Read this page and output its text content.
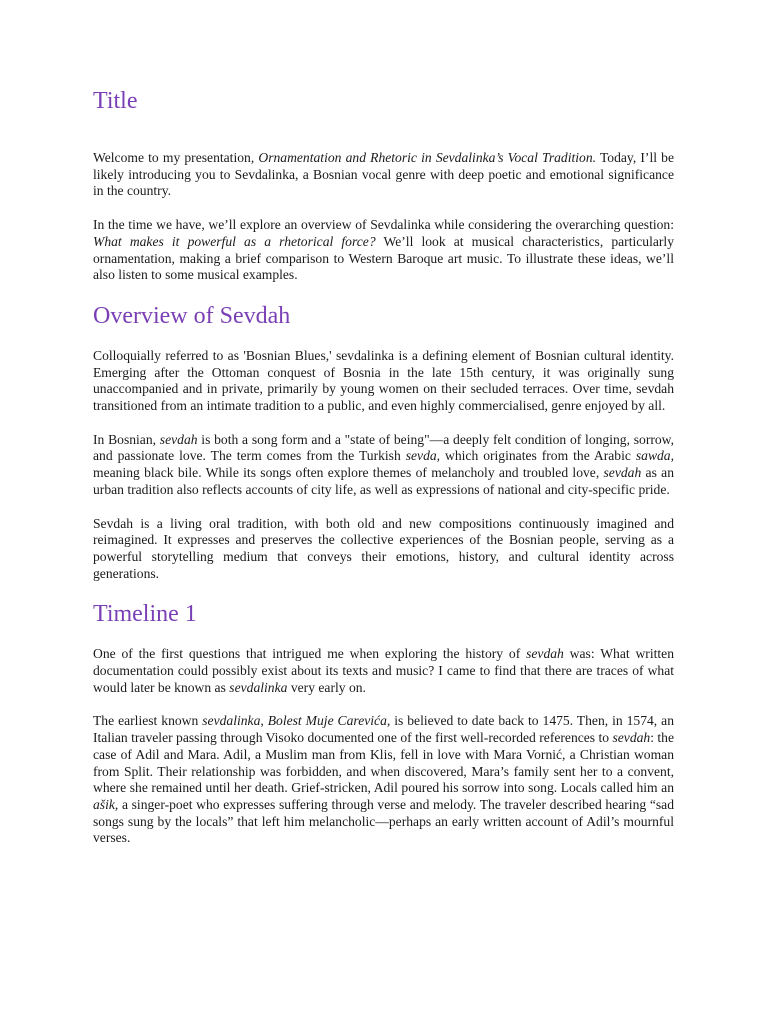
Title

Welcome to my presentation, Ornamentation and Rhetoric in Sevdalinka’s Vocal Tradition. Today, I’ll be likely introducing you to Sevdalinka, a Bosnian vocal genre with deep poetic and emotional significance in the country.

In the time we have, we’ll explore an overview of Sevdalinka while considering the overarching question: What makes it powerful as a rhetorical force? We’ll look at musical characteristics, particularly ornamentation, making a brief comparison to Western Baroque art music. To illustrate these ideas, we’ll also listen to some musical examples.

Overview of Sevdah

Colloquially referred to as 'Bosnian Blues,' sevdalinka is a defining element of Bosnian cultural identity. Emerging after the Ottoman conquest of Bosnia in the late 15th century, it was originally sung unaccompanied and in private, primarily by young women on their secluded terraces. Over time, sevdah transitioned from an intimate tradition to a public, and even highly commercialised, genre enjoyed by all.

In Bosnian, sevdah is both a song form and a "state of being"—a deeply felt condition of longing, sorrow, and passionate love. The term comes from the Turkish sevda, which originates from the Arabic sawda, meaning black bile. While its songs often explore themes of melancholy and troubled love, sevdah as an urban tradition also reflects accounts of city life, as well as expressions of national and city-specific pride.

Sevdah is a living oral tradition, with both old and new compositions continuously imagined and reimagined. It expresses and preserves the collective experiences of the Bosnian people, serving as a powerful storytelling medium that conveys their emotions, history, and cultural identity across generations.

Timeline 1

One of the first questions that intrigued me when exploring the history of sevdah was: What written documentation could possibly exist about its texts and music? I came to find that there are traces of what would later be known as sevdalinka very early on.

The earliest known sevdalinka, Bolest Muje Carevića, is believed to date back to 1475. Then, in 1574, an Italian traveler passing through Visoko documented one of the first well-recorded references to sevdah: the case of Adil and Mara. Adil, a Muslim man from Klis, fell in love with Mara Vornić, a Christian woman from Split. Their relationship was forbidden, and when discovered, Mara’s family sent her to a convent, where she remained until her death. Grief-stricken, Adil poured his sorrow into song. Locals called him an ašik, a singer-poet who expresses suffering through verse and melody. The traveler described hearing “sad songs sung by the locals” that left him melancholic—perhaps an early written account of Adil’s mournful verses.
